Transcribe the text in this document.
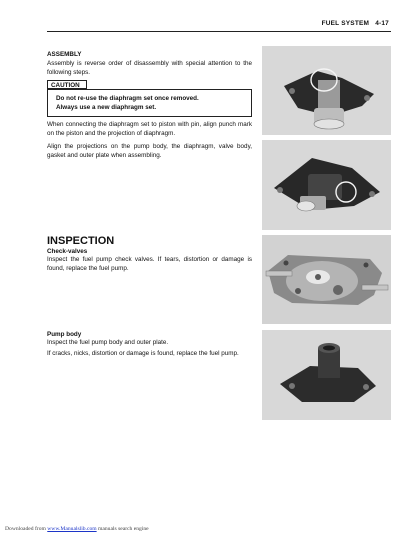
FUEL SYSTEM 4-17
ASSEMBLY
Assembly is reverse order of disassembly with special attention to the following steps.
CAUTION
Do not re-use the diaphragm set once removed.
Always use a new diaphragm set.
When connecting the diaphragm set to piston with pin, align punch mark on the piston and the projection of diaphragm.
Align the projections on the pump body, the diaphragm, valve body, gasket and outer plate when assembling.
INSPECTION
Check-valves
Inspect the fuel pump check valves. If tears, distortion or damage is found, replace the fuel pump.
Pump body
Inspect the fuel pump body and outer plate.
If cracks, nicks, distortion or damage is found, replace the fuel pump.
Downloaded from www.Manualslib.com manuals search engine
